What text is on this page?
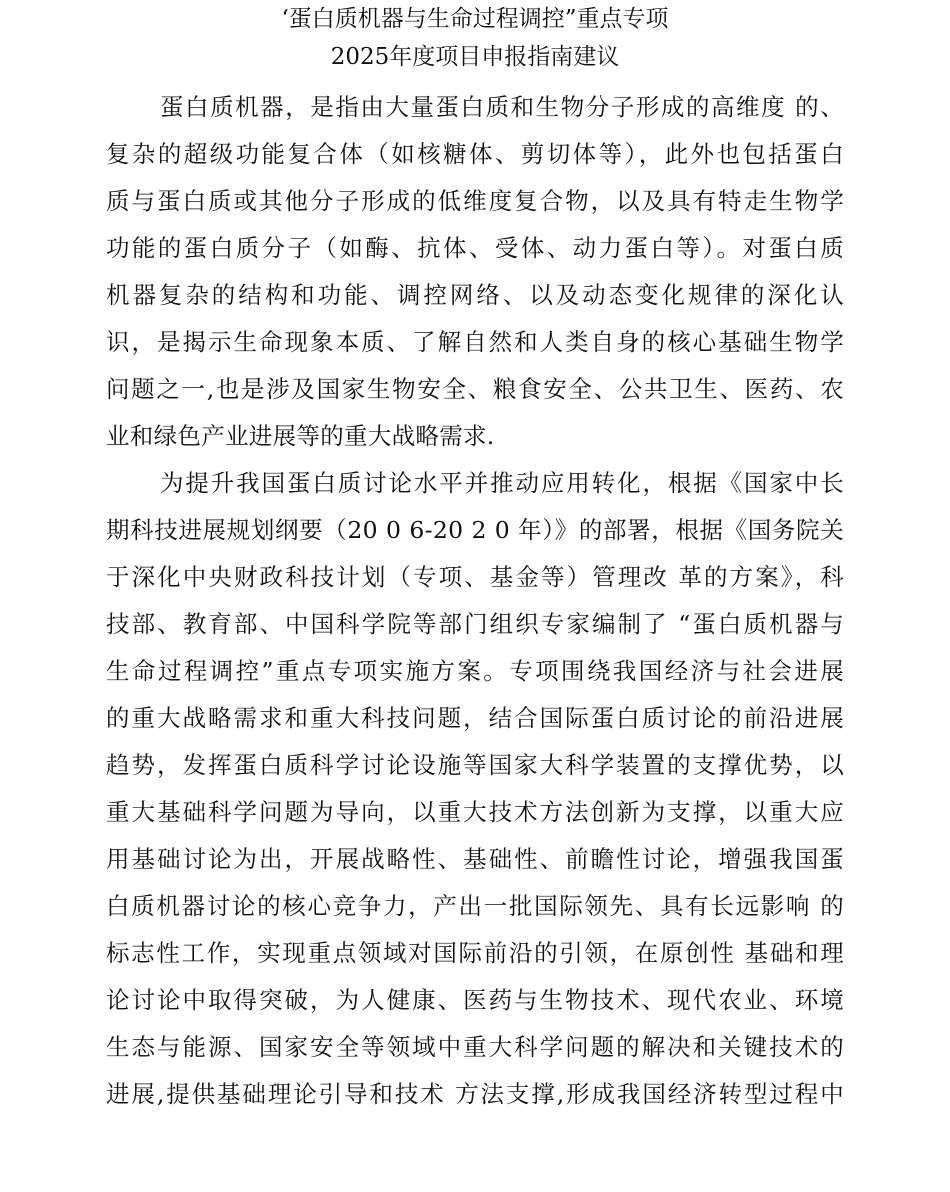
‘蛋白质机器与生命过程调控”重点专项
2025年度项目申报指南建议
蛋白质机器，是指由大量蛋白质和生物分子形成的高维度 的、
复杂的超级功能复合体（如核糖体、剪切体等），此外也包括蛋白
质与蛋白质或其他分子形成的低维度复合物，以及具有特走生物学
功能的蛋白质分子（如酶、抗体、受体、动力蛋白等）。对蛋白质
机器复杂的结构和功能、调控网络、以及动态变化规律的深化认
识，是揭示生命现象本质、了解自然和人类自身的核心基础生物学
问题之一,也是涉及国家生物安全、粮食安全、公共卫生、医药、农
业和绿色产业进展等的重大战略需求.
为提升我国蛋白质讨论水平并推动应用转化，根据《国家中长
期科技进展规划纲要（20 0 6-20 2 0 年）》的部署，根据《国务院关
于深化中央财政科技计划（专项、基金等）管理改 革的方案》，科
技部、教育部、中国科学院等部门组织专家编制了 “蛋白质机器与
生命过程调控”重点专项实施方案。专项围绕我国经济与社会进展
的重大战略需求和重大科技问题，结合国际蛋白质讨论的前沿进展
趋势，发挥蛋白质科学讨论设施等国家大科学装置的支撑优势，以
重大基础科学问题为导向，以重大技术方法创新为支撑，以重大应
用基础讨论为出，开展战略性、基础性、前瞻性讨论，增强我国蛋
白质机器讨论的核心竞争力，产出一批国际领先、具有长远影响 的
标志性工作，实现重点领域对国际前沿的引领，在原创性 基础和理
论讨论中取得突破，为人健康、医药与生物技术、现代农业、环境
生态与能源、国家安全等领域中重大科学问题的解决和关键技术的
进展,提供基础理论引导和技术 方法支撑,形成我国经济转型过程中
